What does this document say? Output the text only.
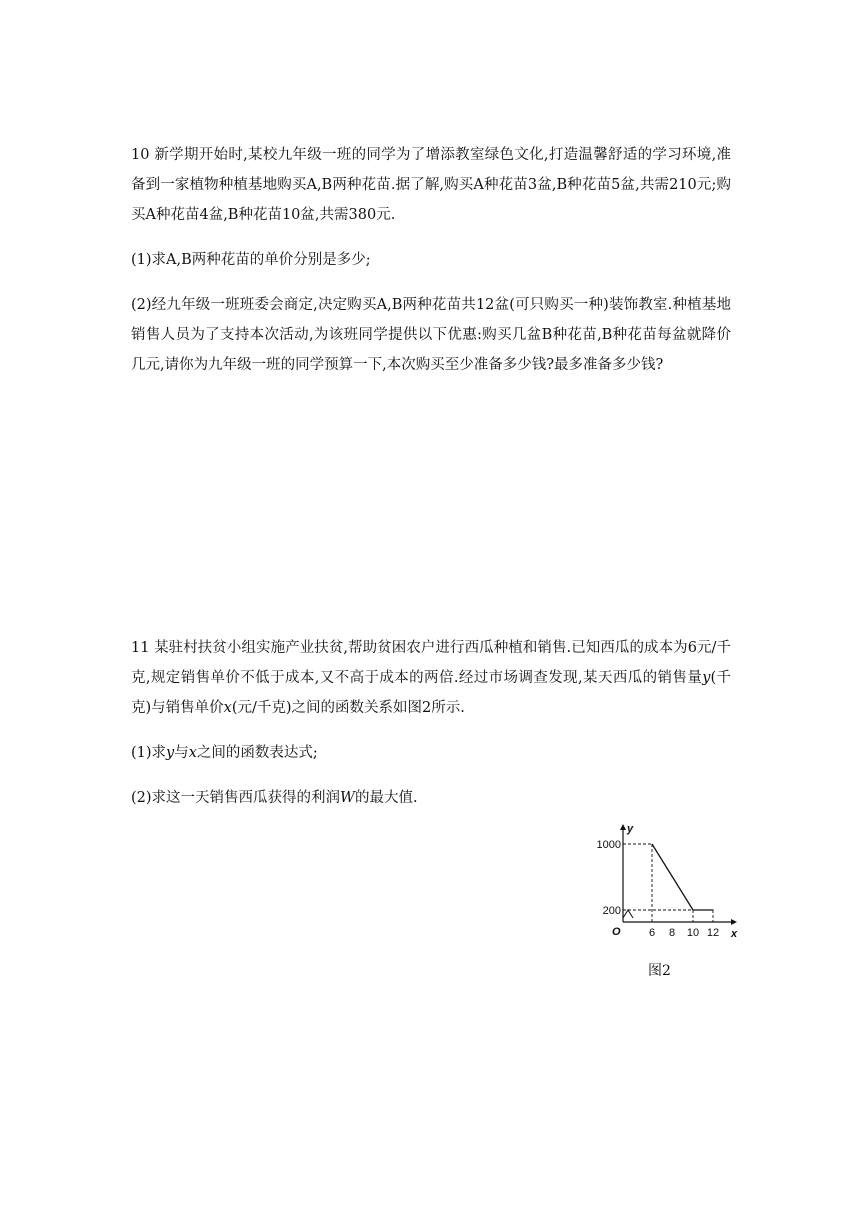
10 新学期开始时,某校九年级一班的同学为了增添教室绿色文化,打造温馨舒适的学习环境,准备到一家植物种植基地购买A,B两种花苗.据了解,购买A种花苗3盆,B种花苗5盆,共需210元;购买A种花苗4盆,B种花苗10盆,共需380元.

(1)求A,B两种花苗的单价分别是多少;

(2)经九年级一班班委会商定,决定购买A,B两种花苗共12盆(可只购买一种)装饰教室.种植基地销售人员为了支持本次活动,为该班同学提供以下优惠:购买几盆B种花苗,B种花苗每盆就降价几元,请你为九年级一班的同学预算一下,本次购买至少准备多少钱?最多准备多少钱?

11 某驻村扶贫小组实施产业扶贫,帮助贫困农户进行西瓜种植和销售.已知西瓜的成本为6元/千克,规定销售单价不低于成本,又不高于成本的两倍.经过市场调查发现,某天西瓜的销售量y(千克)与销售单价x(元/千克)之间的函数关系如图2所示.

(1)求y与x之间的函数表达式;

(2)求这一天销售西瓜获得的利润W的最大值.

y
x
O
1000
200
6 8 10 12
图2
